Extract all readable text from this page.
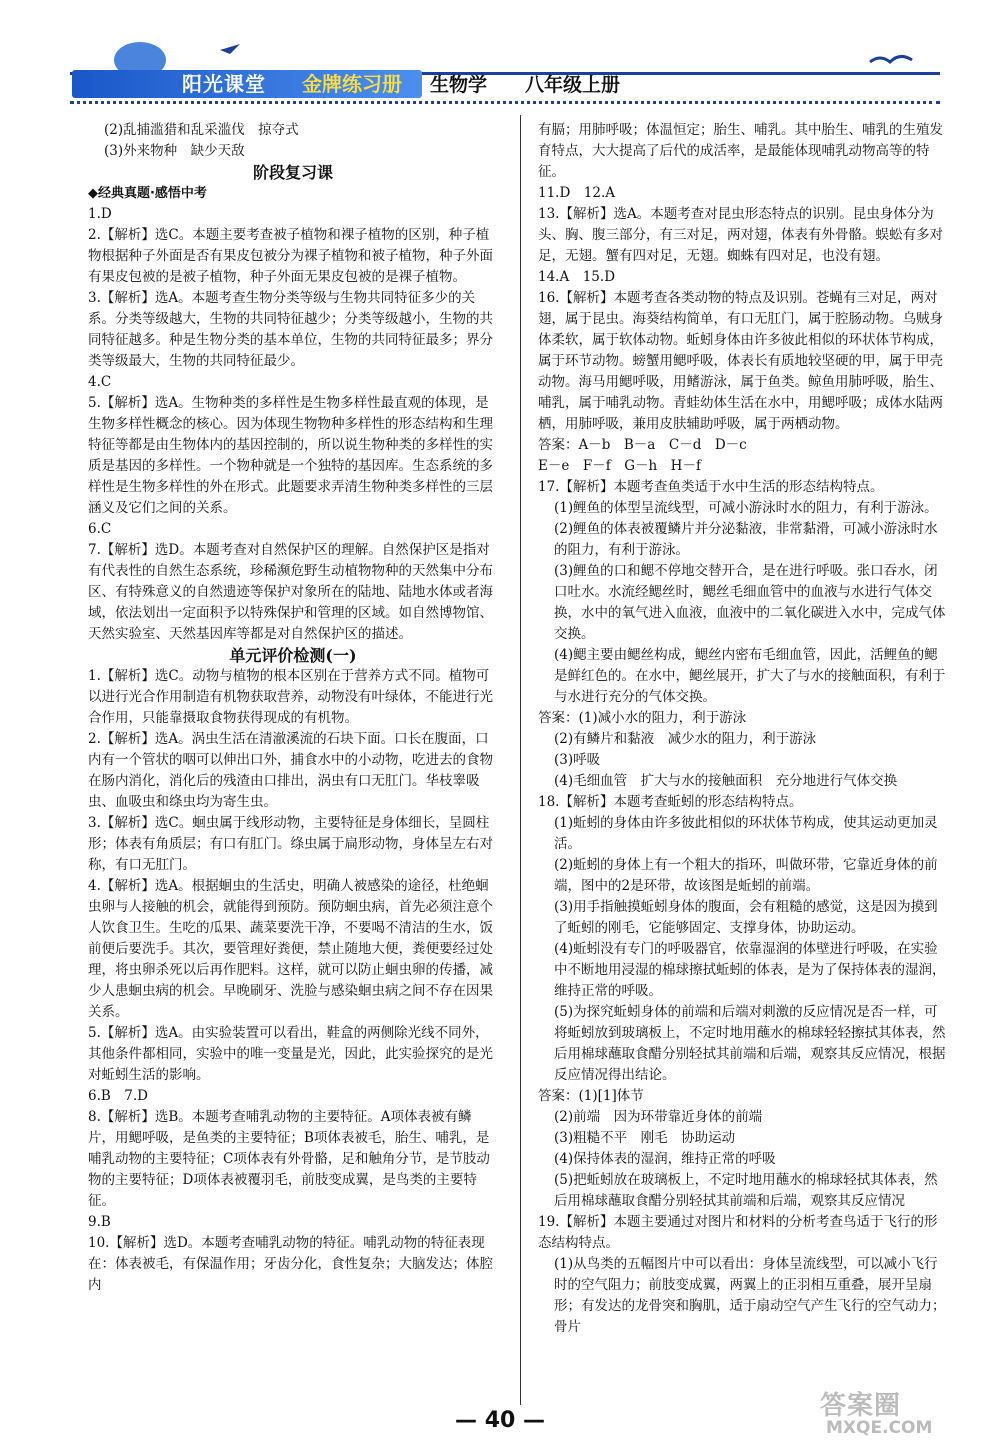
阳光课堂 金牌练习册 生物学 八年级上册

(2)乱捕滥猎和乱采滥伐　掠夺式

(3)外来物种　缺少天敌

阶段复习课

◆经典真题·感悟中考

1.D

2.【解析】选C。本题主要考查被子植物和裸子植物的区别，种子植物根据种子外面是否有果皮包被分为裸子植物和被子植物，种子外面有果皮包被的是被子植物，种子外面无果皮包被的是裸子植物。

3.【解析】选A。本题考查生物分类等级与生物共同特征多少的关系。分类等级越大，生物的共同特征越少；分类等级越小，生物的共同特征越多。种是生物分类的基本单位，生物的共同特征最多；界分类等级最大，生物的共同特征最少。

4.C

5.【解析】选A。生物种类的多样性是生物多样性最直观的体现，是生物多样性概念的核心。因为体现生物物种多样性的形态结构和生理特征等都是由生物体内的基因控制的，所以说生物种类的多样性的实质是基因的多样性。一个物种就是一个独特的基因库。生态系统的多样性是生物多样性的外在形式。此题要求弄清生物种类多样性的三层涵义及它们之间的关系。

6.C

7.【解析】选D。本题考查对自然保护区的理解。自然保护区是指对有代表性的自然生态系统，珍稀濒危野生动植物物种的天然集中分布区、有特殊意义的自然遗迹等保护对象所在的陆地、陆地水体或者海域，依法划出一定面积予以特殊保护和管理的区域。如自然博物馆、天然实验室、天然基因库等都是对自然保护区的描述。

单元评价检测(一)

1.【解析】选C。动物与植物的根本区别在于营养方式不同。植物可以进行光合作用制造有机物获取营养，动物没有叶绿体，不能进行光合作用，只能靠摄取食物获得现成的有机物。

2.【解析】选A。涡虫生活在清澈溪流的石块下面。口长在腹面，口内有一个管状的咽可以伸出口外，捕食水中的小动物，吃进去的食物在肠内消化，消化后的残渣由口排出，涡虫有口无肛门。华枝睾吸虫、血吸虫和绦虫均为寄生虫。

3.【解析】选C。蛔虫属于线形动物，主要特征是身体细长，呈圆柱形；体表有角质层；有口有肛门。绦虫属于扁形动物，身体呈左右对称，有口无肛门。

4.【解析】选A。根据蛔虫的生活史，明确人被感染的途径，杜绝蛔虫卵与人接触的机会，就能得到预防。预防蛔虫病，首先必须注意个人饮食卫生。生吃的瓜果、蔬菜要洗干净，不要喝不清洁的生水，饭前便后要洗手。其次，要管理好粪便，禁止随地大便，粪便要经过处理，将虫卵杀死以后再作肥料。这样，就可以防止蛔虫卵的传播，减少人患蛔虫病的机会。早晚刷牙、洗脸与感染蛔虫病之间不存在因果关系。

5.【解析】选A。由实验装置可以看出，鞋盒的两侧除光线不同外，其他条件都相同，实验中的唯一变量是光，因此，此实验探究的是光对蚯蚓生活的影响。

6.B　7.D

8.【解析】选B。本题考查哺乳动物的主要特征。A项体表被有鳞片，用鳃呼吸，是鱼类的主要特征；B项体表被毛，胎生、哺乳，是哺乳动物的主要特征；C项体表有外骨骼，足和触角分节，是节肢动物的主要特征；D项体表被覆羽毛，前肢变成翼，是鸟类的主要特征。

9.B

10.【解析】选D。本题考查哺乳动物的特征。哺乳动物的特征表现在：体表被毛，有保温作用；牙齿分化，食性复杂；大脑发达；体腔内

有膈；用肺呼吸；体温恒定；胎生、哺乳。其中胎生、哺乳的生殖发育特点，大大提高了后代的成活率，是最能体现哺乳动物高等的特征。

11.D　12.A

13.【解析】选A。本题考查对昆虫形态特点的识别。昆虫身体分为头、胸、腹三部分，有三对足，两对翅，体表有外骨骼。蜈蚣有多对足，无翅。蟹有四对足，无翅。蜘蛛有四对足，也没有翅。

14.A　15.D

16.【解析】本题考查各类动物的特点及识别。苍蝇有三对足，两对翅，属于昆虫。海葵结构简单，有口无肛门，属于腔肠动物。乌贼身体柔软，属于软体动物。蚯蚓身体由许多彼此相似的环状体节构成，属于环节动物。螃蟹用鳃呼吸，体表长有质地较坚硬的甲，属于甲壳动物。海马用鳃呼吸，用鳍游泳，属于鱼类。鲸鱼用肺呼吸，胎生、哺乳，属于哺乳动物。青蛙幼体生活在水中，用鳃呼吸；成体水陆两栖，用肺呼吸，兼用皮肤辅助呼吸，属于两栖动物。

答案：A－b　B－a　C－d　D－c

E－e　F－f　G－h　H－f

17.【解析】本题考查鱼类适于水中生活的形态结构特点。

(1)鲤鱼的体型呈流线型，可减小游泳时水的阻力，有利于游泳。

(2)鲤鱼的体表被覆鳞片并分泌黏液，非常黏滑，可减小游泳时水的阻力，有利于游泳。

(3)鲤鱼的口和鳃不停地交替开合，是在进行呼吸。张口吞水，闭口吐水。水流经鳃丝时，鳃丝毛细血管中的血液与水进行气体交换，水中的氧气进入血液，血液中的二氧化碳进入水中，完成气体交换。

(4)鳃主要由鳃丝构成，鳃丝内密布毛细血管，因此，活鲤鱼的鳃是鲜红色的。在水中，鳃丝展开，扩大了与水的接触面积，有利于与水进行充分的气体交换。

答案：(1)减小水的阻力，利于游泳

(2)有鳞片和黏液　减少水的阻力，利于游泳

(3)呼吸

(4)毛细血管　扩大与水的接触面积　充分地进行气体交换

18.【解析】本题考查蚯蚓的形态结构特点。

(1)蚯蚓的身体由许多彼此相似的环状体节构成，使其运动更加灵活。

(2)蚯蚓的身体上有一个粗大的指环，叫做环带，它靠近身体的前端，图中的2是环带，故该图是蚯蚓的前端。

(3)用手指触摸蚯蚓身体的腹面，会有粗糙的感觉，这是因为摸到了蚯蚓的刚毛，它能够固定、支撑身体，协助运动。

(4)蚯蚓没有专门的呼吸器官，依靠湿润的体壁进行呼吸，在实验中不断地用浸湿的棉球擦拭蚯蚓的体表，是为了保持体表的湿润，维持正常的呼吸。

(5)为探究蚯蚓身体的前端和后端对刺激的反应情况是否一样，可将蚯蚓放到玻璃板上，不定时地用蘸水的棉球轻轻擦拭其体表，然后用棉球蘸取食醋分别轻拭其前端和后端，观察其反应情况，根据反应情况得出结论。

答案：(1)[1]体节

(2)前端　因为环带靠近身体的前端

(3)粗糙不平　刚毛　协助运动

(4)保持体表的湿润，维持正常的呼吸

(5)把蚯蚓放在玻璃板上，不定时地用蘸水的棉球轻拭其体表，然后用棉球蘸取食醋分别轻拭其前端和后端，观察其反应情况

19.【解析】本题主要通过对图片和材料的分析考查鸟适于飞行的形态结构特点。

(1)从鸟类的五幅图片中可以看出：身体呈流线型，可以减小飞行时的空气阻力；前肢变成翼，两翼上的正羽相互重叠，展开呈扇形；有发达的龙骨突和胸肌，适于扇动空气产生飞行的空气动力；骨片

— 40 —	答案圈
MXQE.COM
